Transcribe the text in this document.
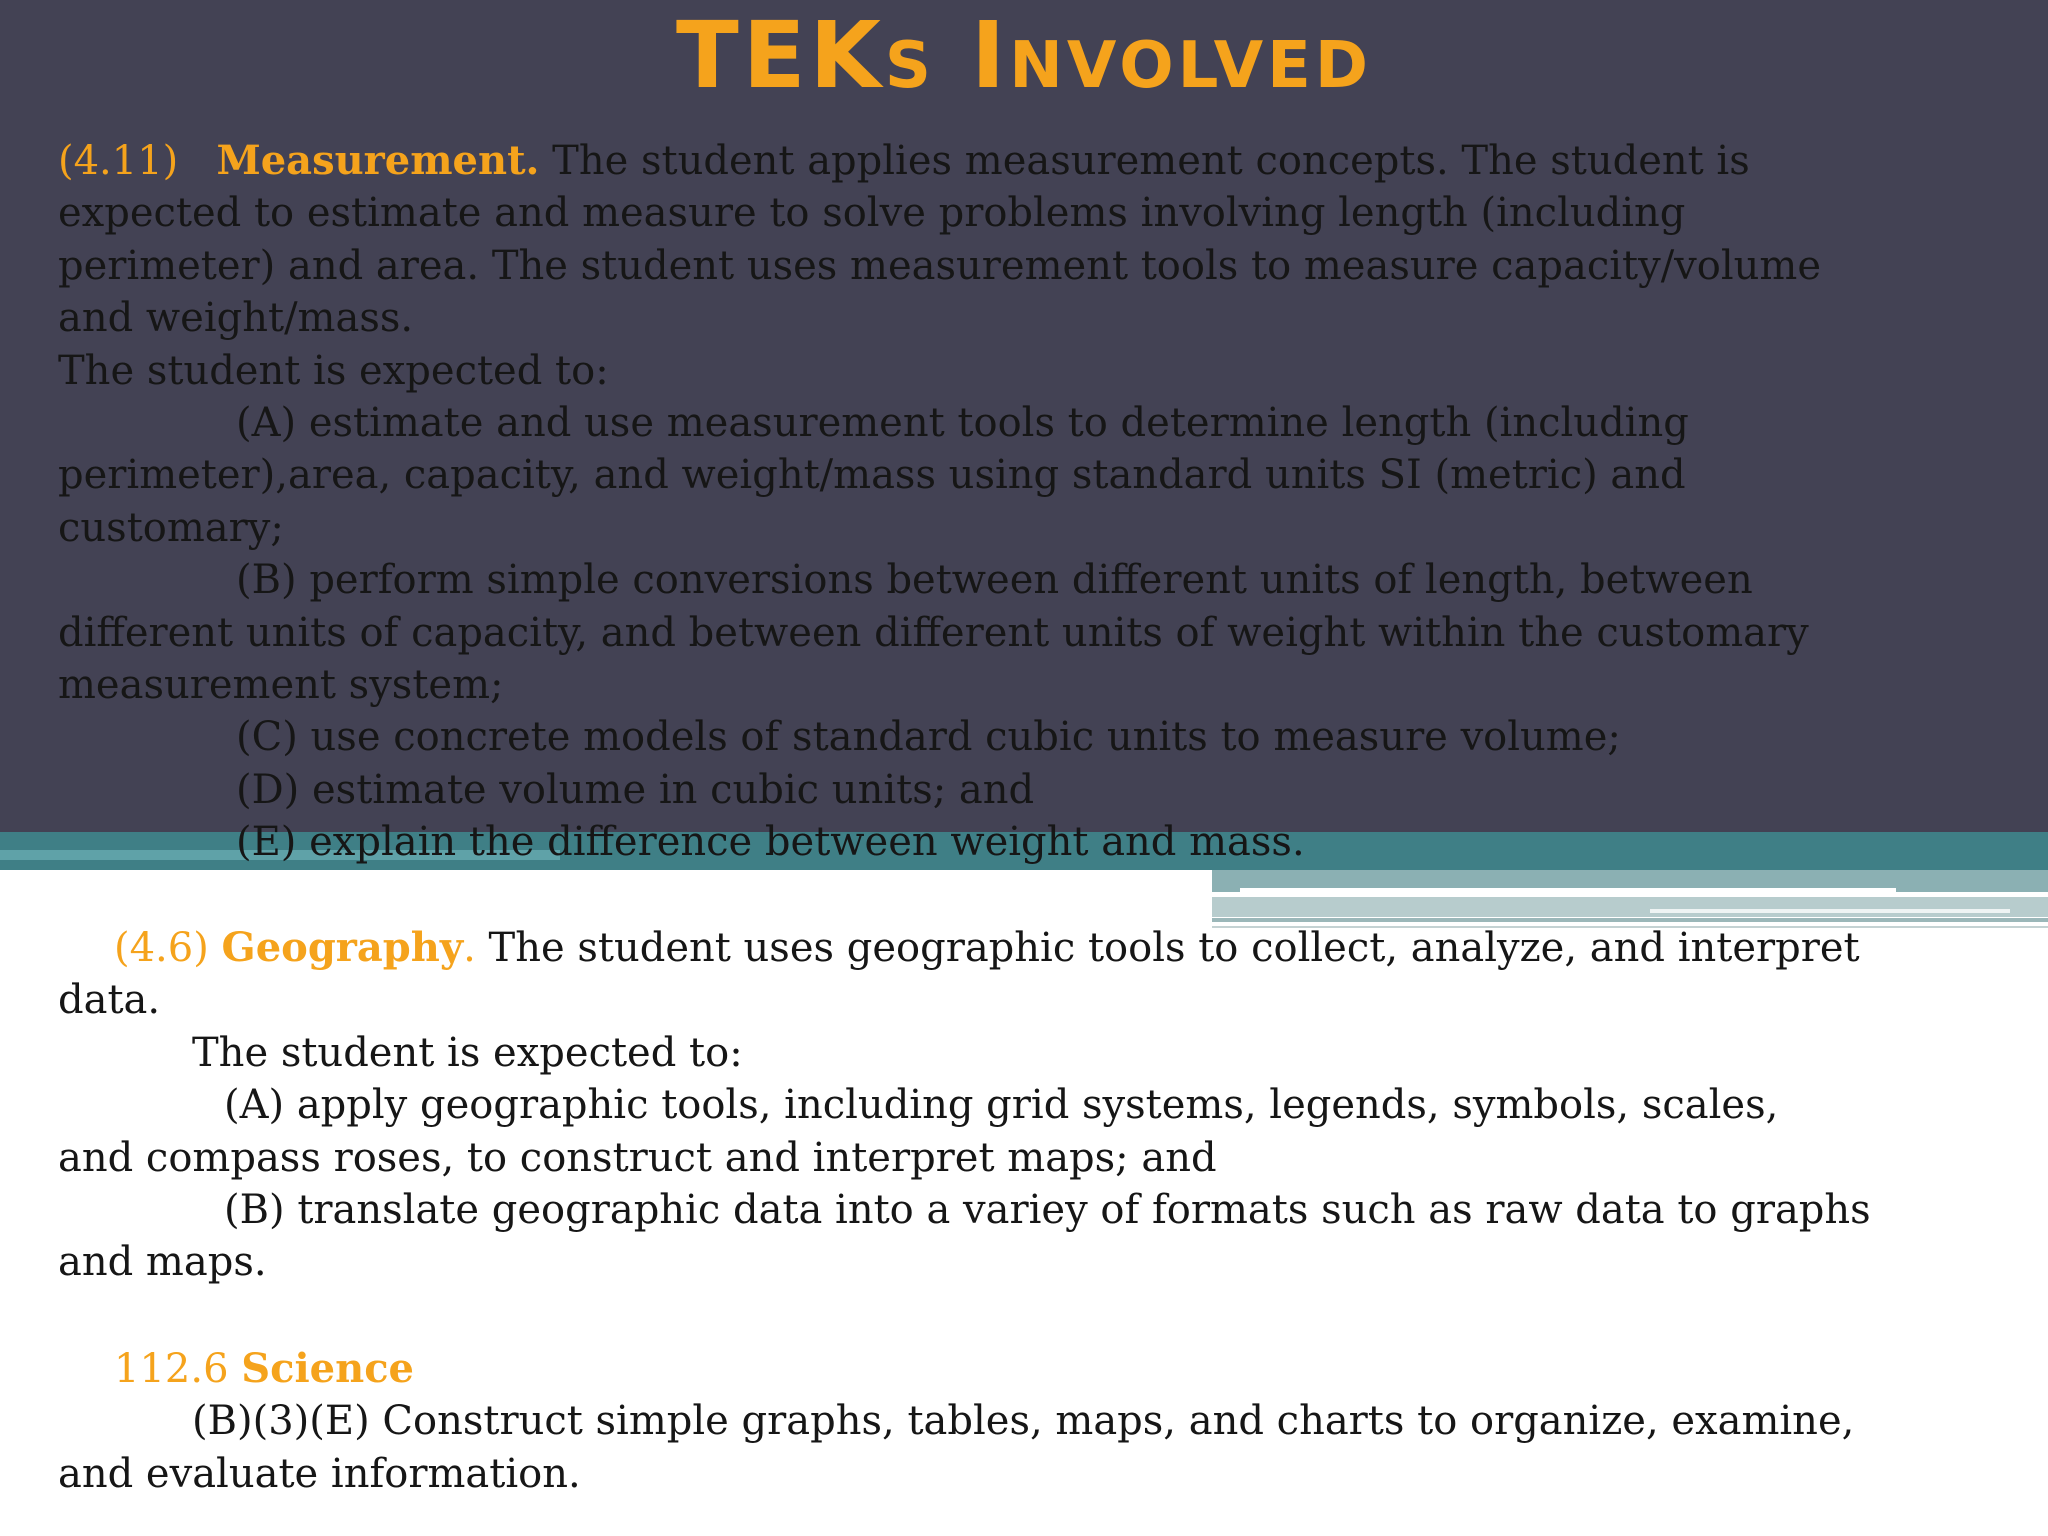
TEKs Involved
(4.11) Measurement. The student applies measurement concepts. The student is
expected to estimate and measure to solve problems involving length (including
perimeter) and area. The student uses measurement tools to measure capacity/volume
and weight/mass.
The student is expected to:
(A) estimate and use measurement tools to determine length (including
perimeter),area, capacity, and weight/mass using standard units SI (metric) and
customary;
(B) perform simple conversions between different units of length, between
different units of capacity, and between different units of weight within the customary
measurement system;
(C) use concrete models of standard cubic units to measure volume;
(D) estimate volume in cubic units; and
(E) explain the difference between weight and mass.
(4.6) Geography. The student uses geographic tools to collect, analyze, and interpret
data.
The student is expected to:
(A) apply geographic tools, including grid systems, legends, symbols, scales,
and compass roses, to construct and interpret maps; and
(B) translate geographic data into a variey of formats such as raw data to graphs
and maps.
112.6 Science
(B)(3)(E) Construct simple graphs, tables, maps, and charts to organize, examine,
and evaluate information.
